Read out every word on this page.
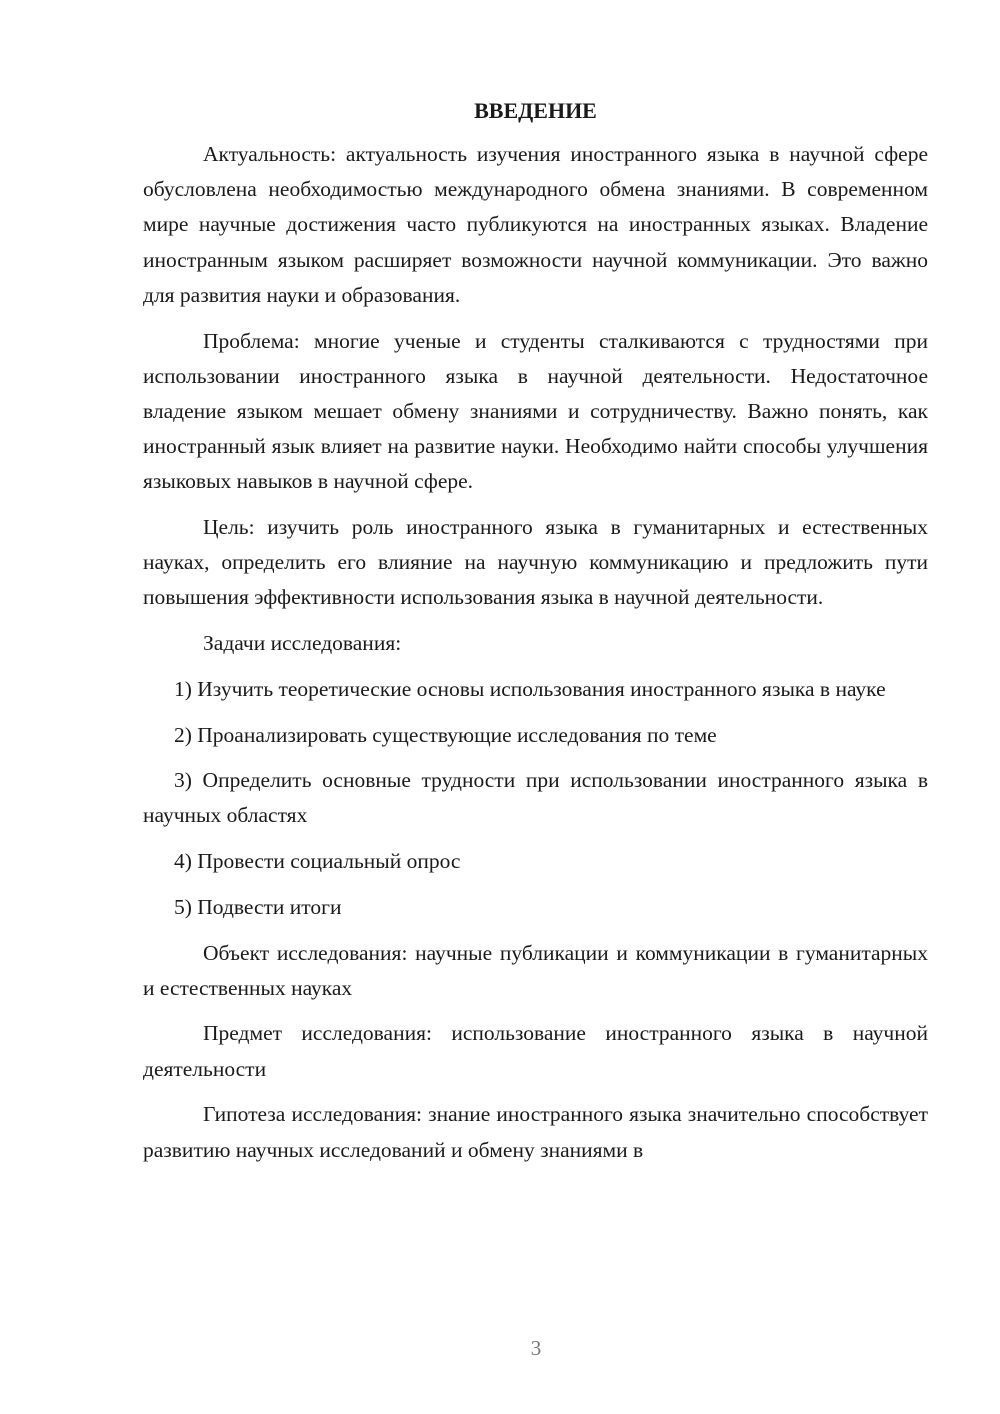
ВВЕДЕНИЕ

Актуальность: актуальность изучения иностранного языка в научной сфере обусловлена необходимостью международного обмена знаниями. В современном мире научные достижения часто публикуются на иностранных языках. Владение иностранным языком расширяет возможности научной коммуникации. Это важно для развития науки и образования.

Проблема: многие ученые и студенты сталкиваются с трудностями при использовании иностранного языка в научной деятельности. Недостаточное владение языком мешает обмену знаниями и сотрудничеству. Важно понять, как иностранный язык влияет на развитие науки. Необходимо найти способы улучшения языковых навыков в научной сфере.

Цель: изучить роль иностранного языка в гуманитарных и естественных науках, определить его влияние на научную коммуникацию и предложить пути повышения эффективности использования языка в научной деятельности.

Задачи исследования:

1) Изучить теоретические основы использования иностранного языка в науке

2) Проанализировать существующие исследования по теме

3) Определить основные трудности при использовании иностранного языка в научных областях

4) Провести социальный опрос

5) Подвести итоги

Объект исследования: научные публикации и коммуникации в гуманитарных и естественных науках

Предмет исследования: использование иностранного языка в научной деятельности

Гипотеза исследования: знание иностранного языка значительно способствует развитию научных исследований и обмену знаниями в

3
